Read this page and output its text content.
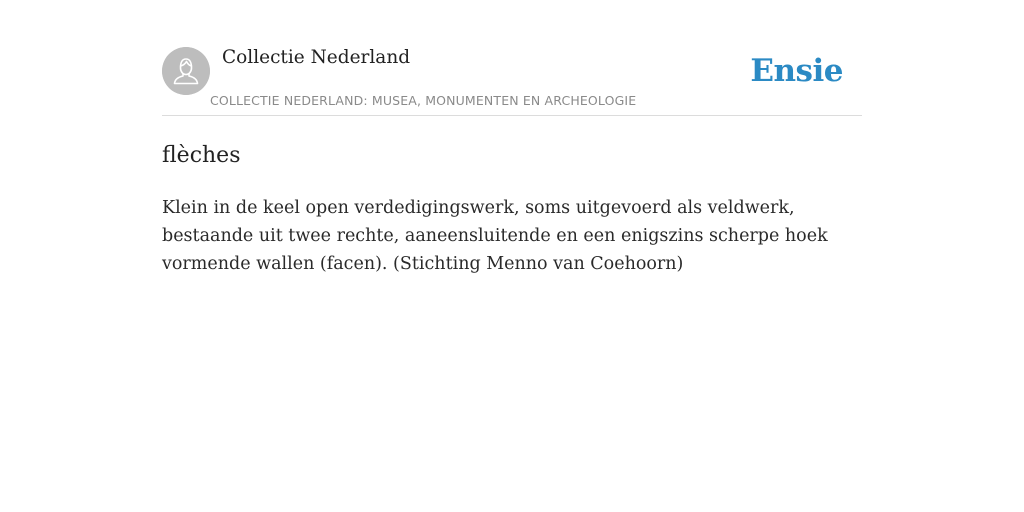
Collectie Nederland
COLLECTIE NEDERLAND: MUSEA, MONUMENTEN EN ARCHEOLOGIE
Ensie
flèches

Klein in de keel open verdedigingswerk, soms uitgevoerd als veldwerk, bestaande uit twee rechte, aaneensluitende en een enigszins scherpe hoek vormende wallen (facen). (Stichting Menno van Coehoorn)
